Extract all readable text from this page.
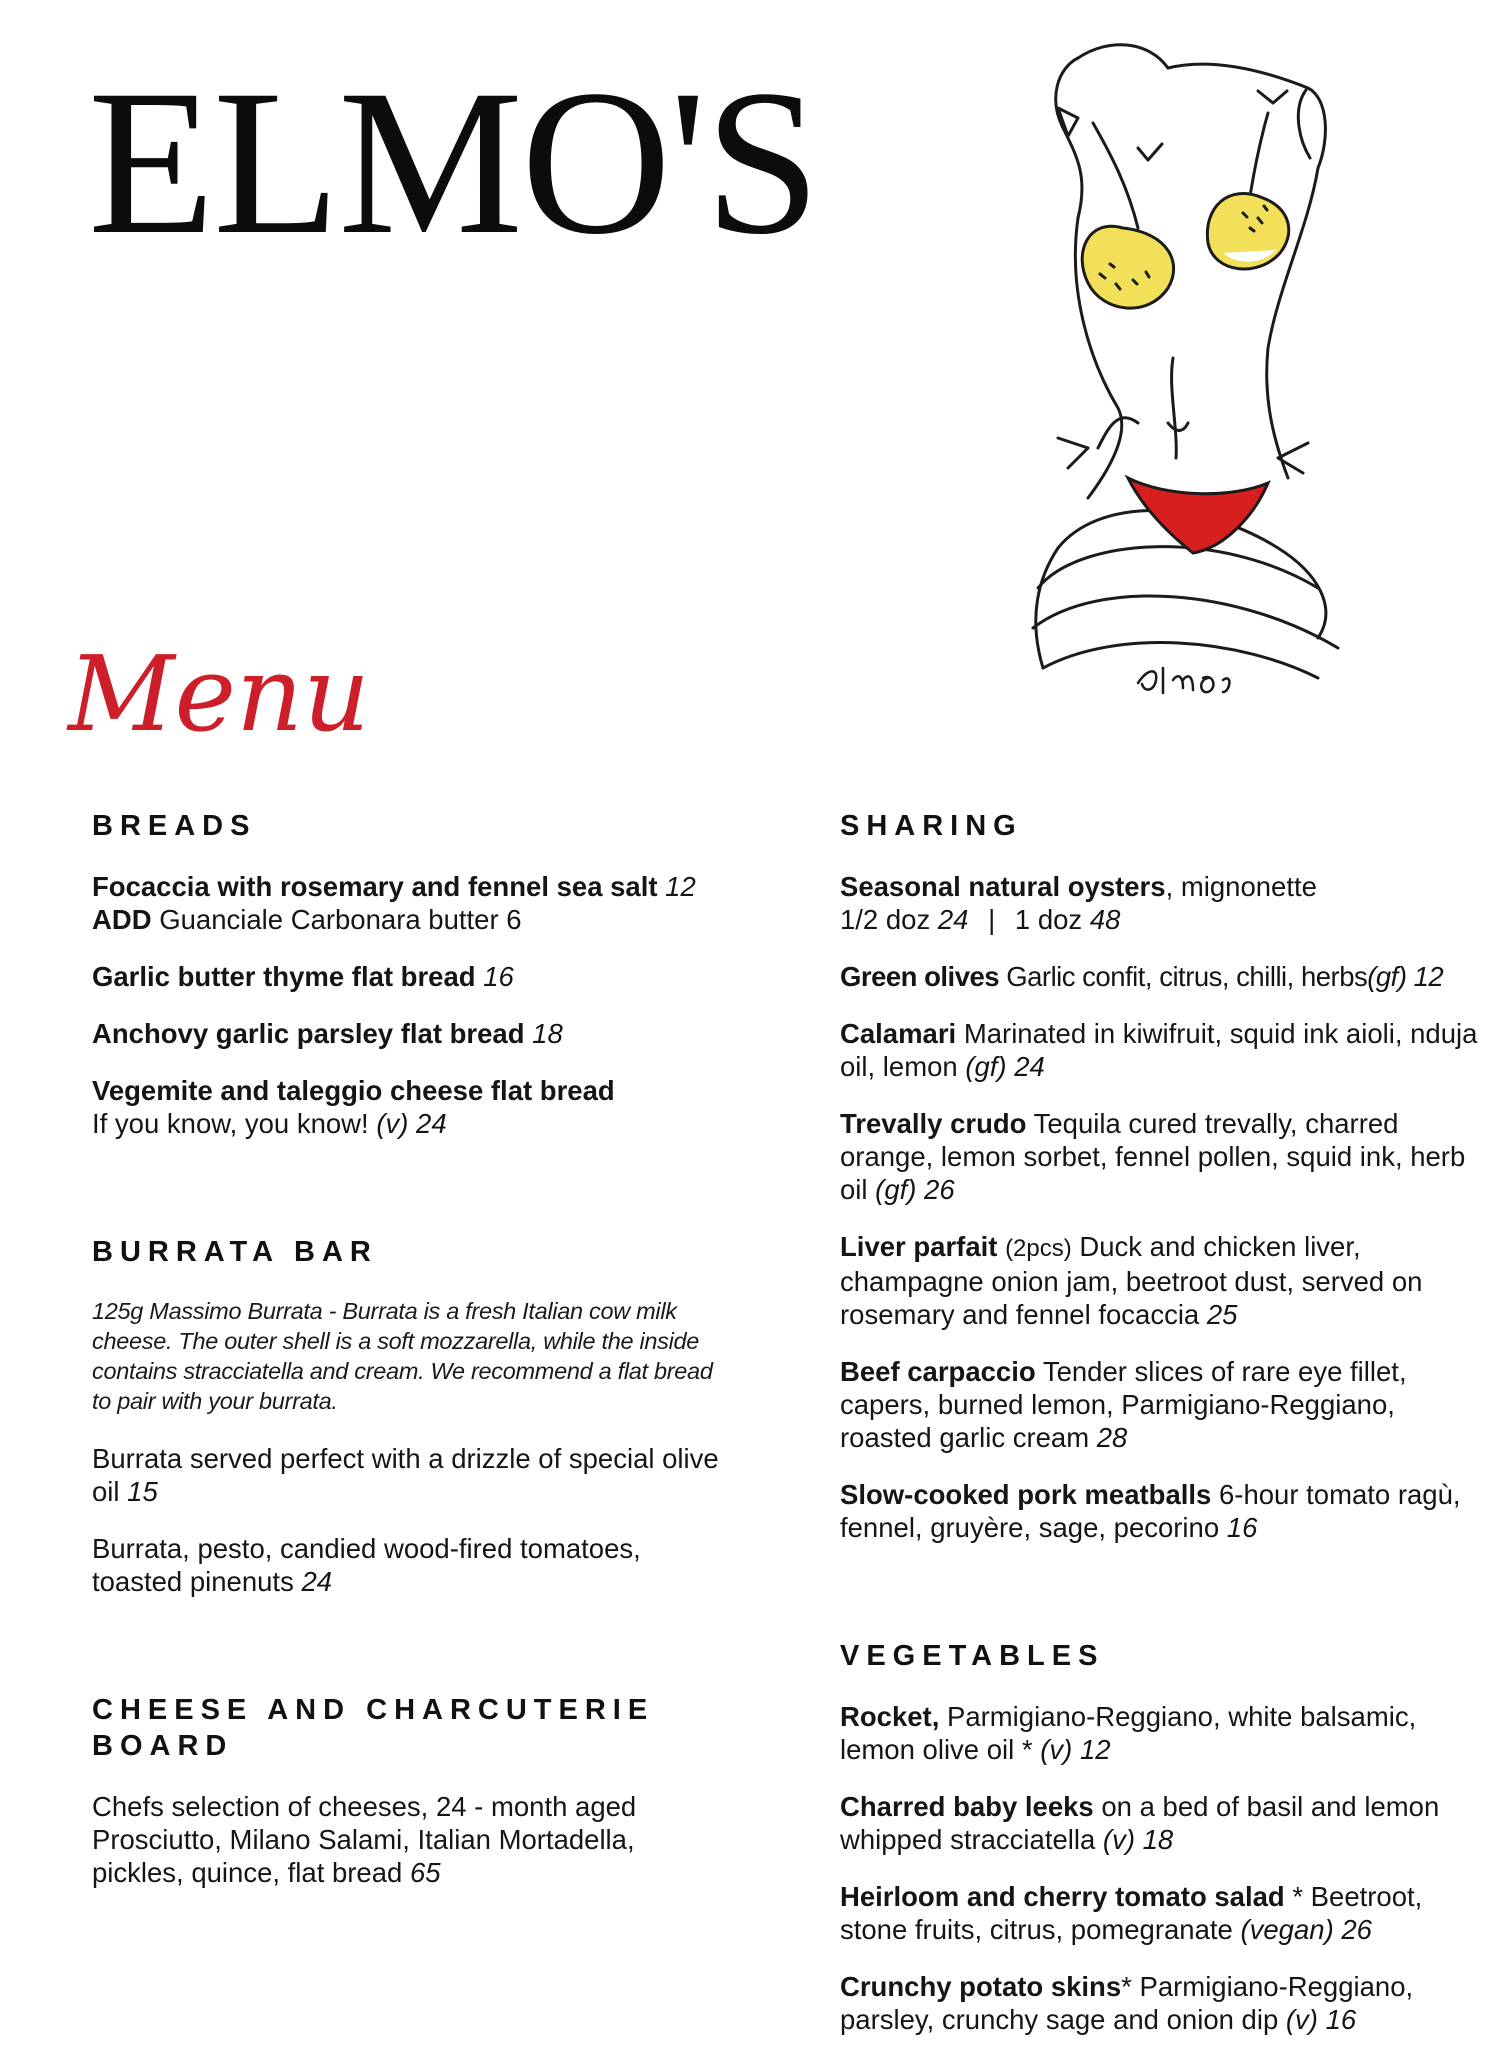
ELMO'S
Menu
BREADS
Focaccia with rosemary and fennel sea salt 12
ADD Guanciale Carbonara butter 6
Garlic butter thyme flat bread 16
Anchovy garlic parsley flat bread 18
Vegemite and taleggio cheese flat bread
If you know, you know! (v) 24
BURRATA BAR
125g Massimo Burrata - Burrata is a fresh Italian cow milk cheese. The outer shell is a soft mozzarella, while the inside contains stracciatella and cream. We recommend a flat bread to pair with your burrata.
Burrata served perfect with a drizzle of special olive oil 15
Burrata, pesto, candied wood-fired tomatoes, toasted pinenuts 24
CHEESE AND CHARCUTERIE BOARD
Chefs selection of cheeses, 24 - month aged Prosciutto, Milano Salami, Italian Mortadella, pickles, quince, flat bread 65
SHARING
Seasonal natural oysters, mignonette
1/2 doz 24 | 1 doz 48
Green olives Garlic confit, citrus, chilli, herbs(gf) 12
Calamari Marinated in kiwifruit, squid ink aioli, nduja oil, lemon (gf) 24
Trevally crudo Tequila cured trevally, charred orange, lemon sorbet, fennel pollen, squid ink, herb oil (gf) 26
Liver parfait (2pcs) Duck and chicken liver, champagne onion jam, beetroot dust, served on rosemary and fennel focaccia 25
Beef carpaccio Tender slices of rare eye fillet, capers, burned lemon, Parmigiano-Reggiano, roasted garlic cream 28
Slow-cooked pork meatballs 6-hour tomato ragù, fennel, gruyère, sage, pecorino 16
VEGETABLES
Rocket, Parmigiano-Reggiano, white balsamic, lemon olive oil * (v) 12
Charred baby leeks on a bed of basil and lemon whipped stracciatella (v) 18
Heirloom and cherry tomato salad * Beetroot, stone fruits, citrus, pomegranate (vegan) 26
Crunchy potato skins* Parmigiano-Reggiano, parsley, crunchy sage and onion dip (v) 16
